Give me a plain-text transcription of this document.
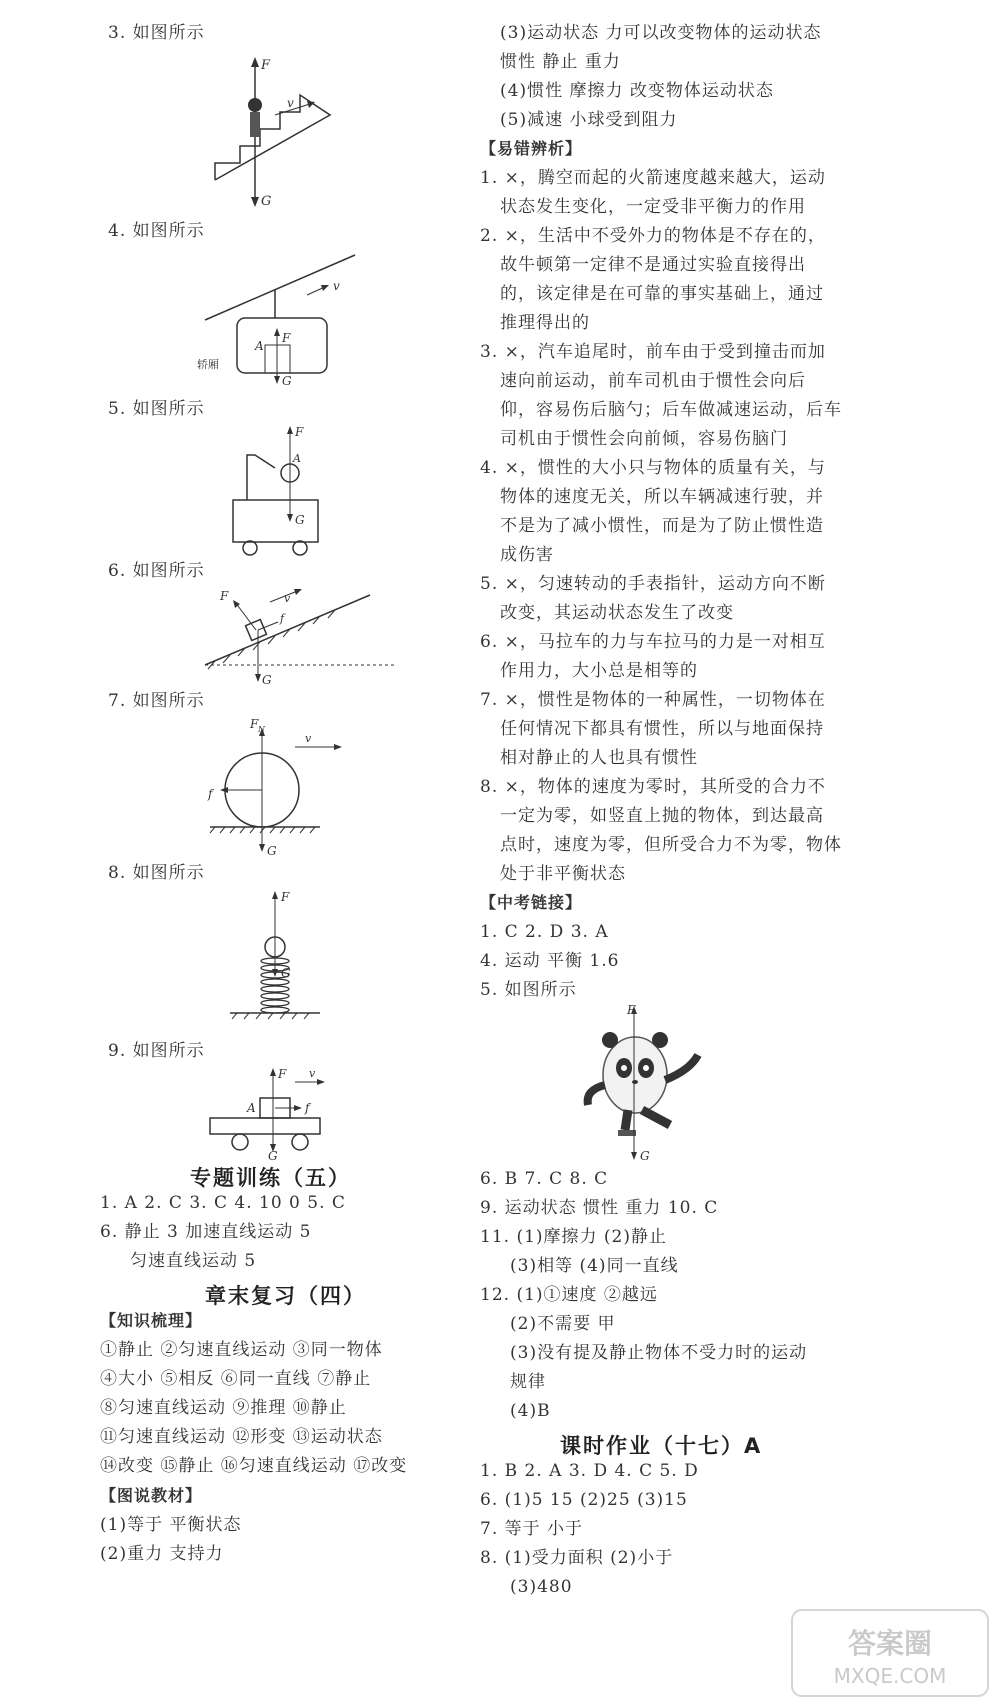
3. 如图所示
F
G
v
4. 如图所示
A
F
G
v
轿厢
5. 如图所示
F
A
G
6. 如图所示
F
f
v
G
7. 如图所示
F N
f
v
G
8. 如图所示
F
G
9. 如图所示
F
A	f
v
G
专题训练（五）
1. A 2. C 3. C 4. 10 0 5. C
6. 静止 3 加速直线运动 5
匀速直线运动 5
章末复习（四）
【知识梳理】
①静止 ②匀速直线运动 ③同一物体
④大小 ⑤相反 ⑥同一直线 ⑦静止
⑧匀速直线运动 ⑨推理 ⑩静止
⑪匀速直线运动 ⑫形变 ⑬运动状态
⑭改变 ⑮静止 ⑯匀速直线运动 ⑰改变
【图说教材】
(1)等于 平衡状态
(2)重力 支持力
(3)运动状态 力可以改变物体的运动状态
惯性 静止 重力
(4)惯性 摩擦力 改变物体运动状态
(5)减速 小球受到阻力
【易错辨析】
1. ×，腾空而起的火箭速度越来越大，运动
状态发生变化，一定受非平衡力的作用
2. ×，生活中不受外力的物体是不存在的，
故牛顿第一定律不是通过实验直接得出
的，该定律是在可靠的事实基础上，通过
推理得出的
3. ×，汽车追尾时，前车由于受到撞击而加
速向前运动，前车司机由于惯性会向后
仰，容易伤后脑勺；后车做减速运动，后车
司机由于惯性会向前倾，容易伤脑门
4. ×，惯性的大小只与物体的质量有关，与
物体的速度无关，所以车辆减速行驶，并
不是为了减小惯性，而是为了防止惯性造
成伤害
5. ×，匀速转动的手表指针，运动方向不断
改变，其运动状态发生了改变
6. ×，马拉车的力与车拉马的力是一对相互
作用力，大小总是相等的
7. ×，惯性是物体的一种属性，一切物体在
任何情况下都具有惯性，所以与地面保持
相对静止的人也具有惯性
8. ×，物体的速度为零时，其所受的合力不
一定为零，如竖直上抛的物体，到达最高
点时，速度为零，但所受合力不为零，物体
处于非平衡状态
【中考链接】
1. C 2. D 3. A
4. 运动 平衡 1.6
5. 如图所示
F
G
6. B 7. C 8. C
9. 运动状态 惯性 重力 10. C
11. (1)摩擦力 (2)静止
(3)相等 (4)同一直线
12. (1)①速度 ②越远
(2)不需要 甲
(3)没有提及静止物体不受力时的运动
规律
(4)B
课时作业（十七）A
1. B 2. A 3. D 4. C 5. D
6. (1)5 15 (2)25 (3)15
7. 等于 小于
8. (1)受力面积 (2)小于
(3)480
答案圈
MXQE.COM
